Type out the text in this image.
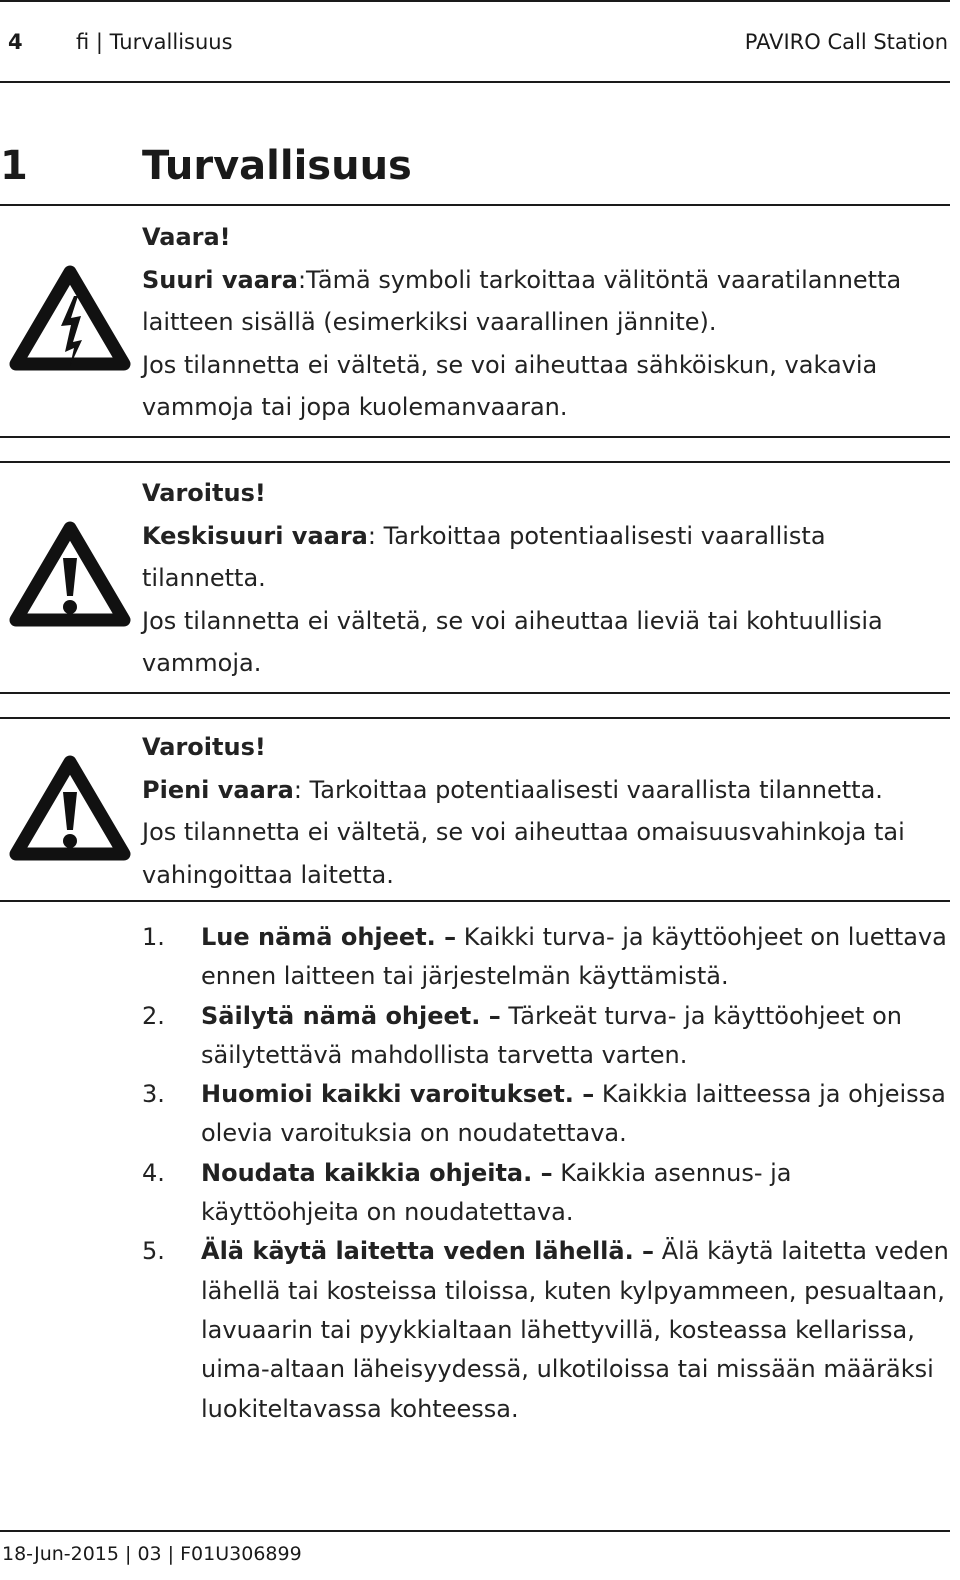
4	fi | Turvallisuus	PAVIRO Call Station
1	Turvallisuus
Vaara!
Suuri vaara:Tämä symboli tarkoittaa välitöntä vaaratilannetta laitteen sisällä (esimerkiksi vaarallinen jännite).
Jos tilannetta ei vältetä, se voi aiheuttaa sähköiskun, vakavia vammoja tai jopa kuolemanvaaran.
Varoitus!
Keskisuuri vaara: Tarkoittaa potentiaalisesti vaarallista tilannetta.
Jos tilannetta ei vältetä, se voi aiheuttaa lieviä tai kohtuullisia vammoja.
Varoitus!
Pieni vaara: Tarkoittaa potentiaalisesti vaarallista tilannetta.
Jos tilannetta ei vältetä, se voi aiheuttaa omaisuusvahinkoja tai vahingoittaa laitetta.
1. Lue nämä ohjeet. – Kaikki turva- ja käyttöohjeet on luettava ennen laitteen tai järjestelmän käyttämistä.
2. Säilytä nämä ohjeet. – Tärkeät turva- ja käyttöohjeet on säilytettävä mahdollista tarvetta varten.
3. Huomioi kaikki varoitukset. – Kaikkia laitteessa ja ohjeissa olevia varoituksia on noudatettava.
4. Noudata kaikkia ohjeita. – Kaikkia asennus- ja käyttöohjeita on noudatettava.
5. Älä käytä laitetta veden lähellä. – Älä käytä laitetta veden lähellä tai kosteissa tiloissa, kuten kylpyammeen, pesualtaan, lavuaarin tai pyykkialtaan lähettyvillä, kosteassa kellarissa, uima-altaan läheisyydessä, ulkotiloissa tai missään määräksi luokiteltavassa kohteessa.
18-Jun-2015 | 03 | F01U306899
